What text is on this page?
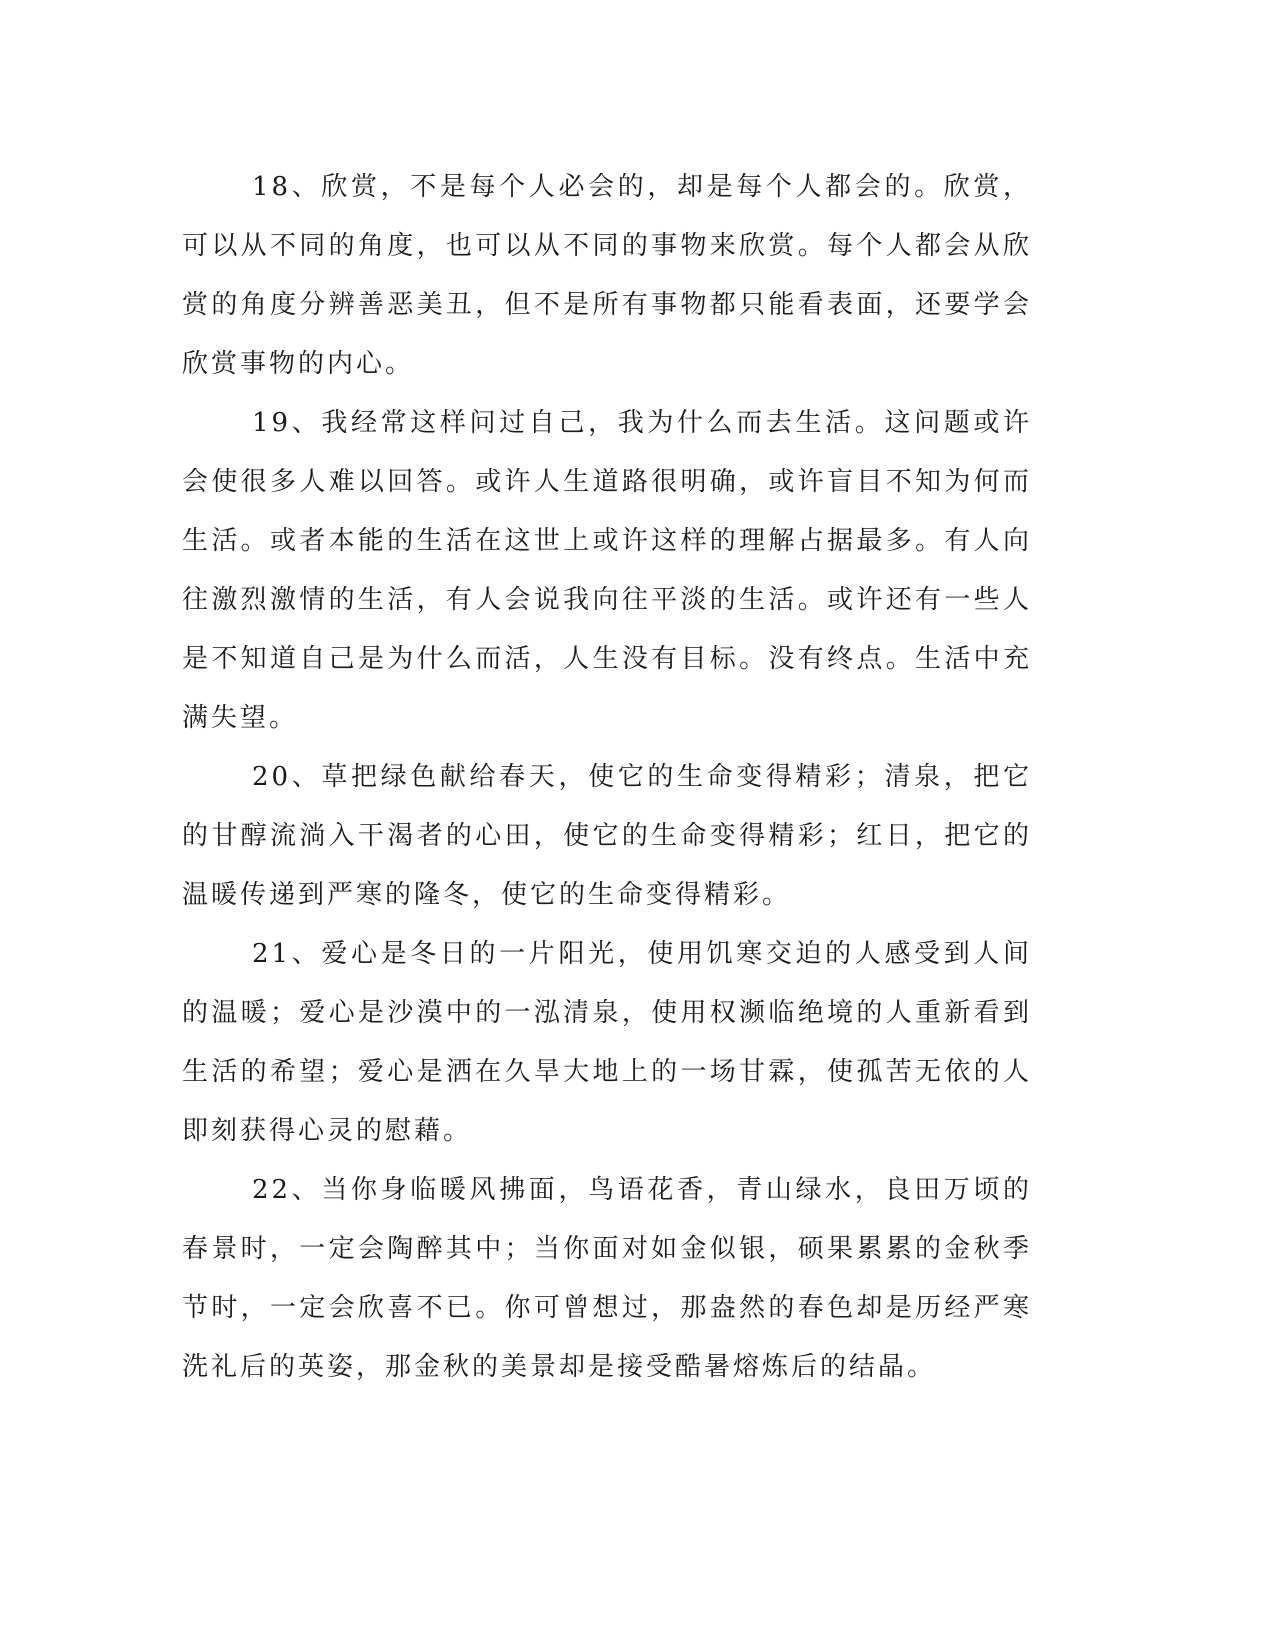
18、欣赏，不是每个人必会的，却是每个人都会的。欣赏，可以从不同的角度，也可以从不同的事物来欣赏。每个人都会从欣赏的角度分辨善恶美丑，但不是所有事物都只能看表面，还要学会欣赏事物的内心。

19、我经常这样问过自己，我为什么而去生活。这问题或许会使很多人难以回答。或许人生道路很明确，或许盲目不知为何而生活。或者本能的生活在这世上或许这样的理解占据最多。有人向往激烈激情的生活，有人会说我向往平淡的生活。或许还有一些人是不知道自己是为什么而活，人生没有目标。没有终点。生活中充满失望。

20、草把绿色献给春天，使它的生命变得精彩；清泉，把它的甘醇流淌入干渴者的心田，使它的生命变得精彩；红日，把它的温暖传递到严寒的隆冬，使它的生命变得精彩。

21、爱心是冬日的一片阳光，使用饥寒交迫的人感受到人间的温暖；爱心是沙漠中的一泓清泉，使用权濒临绝境的人重新看到生活的希望；爱心是洒在久旱大地上的一场甘霖，使孤苦无依的人即刻获得心灵的慰藉。

22、当你身临暖风拂面，鸟语花香，青山绿水，良田万顷的春景时，一定会陶醉其中；当你面对如金似银，硕果累累的金秋季节时，一定会欣喜不已。你可曾想过，那盎然的春色却是历经严寒洗礼后的英姿，那金秋的美景却是接受酷暑熔炼后的结晶。
